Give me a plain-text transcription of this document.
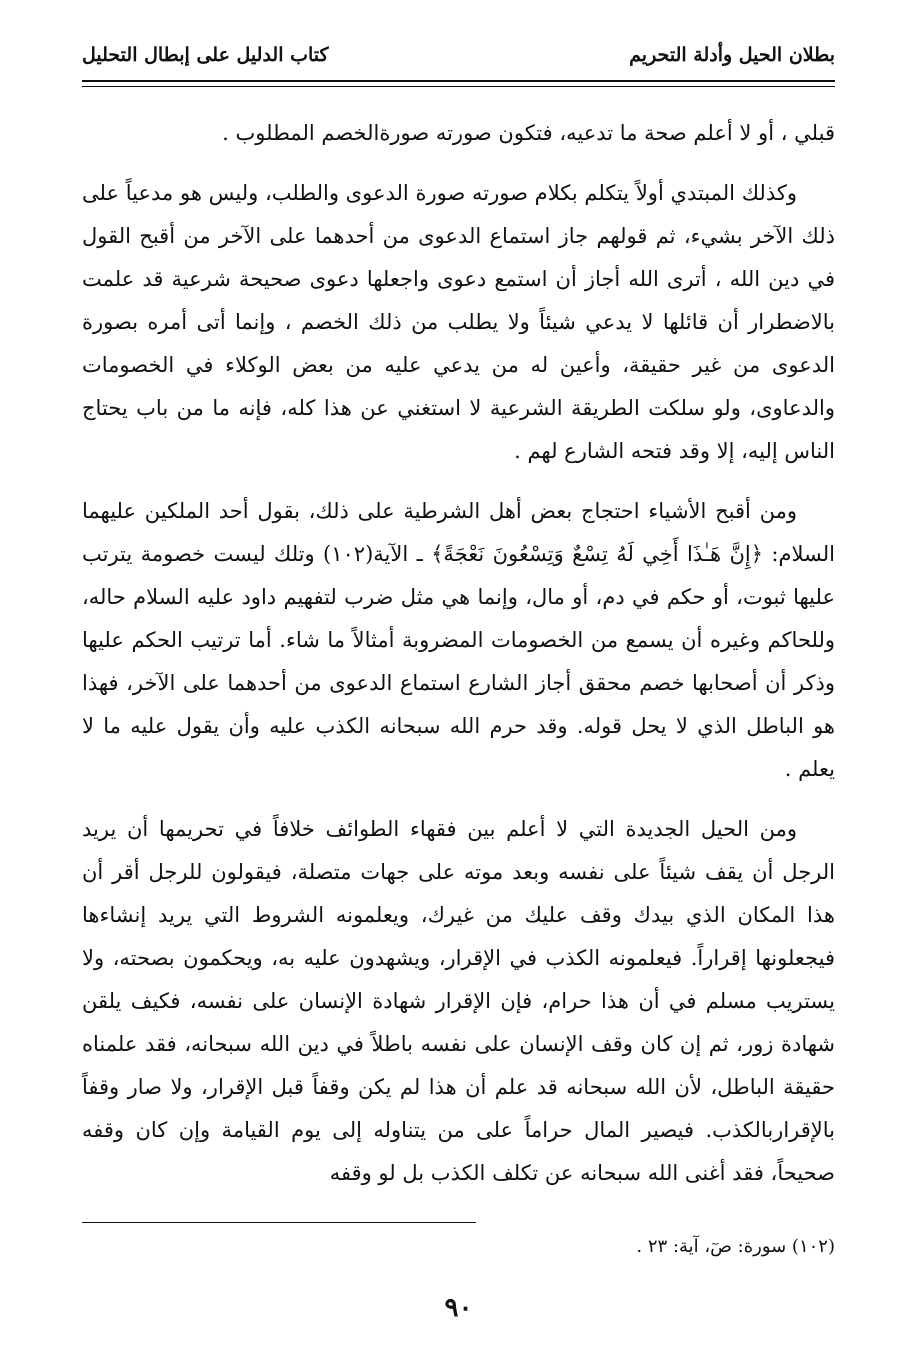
بطلان الحيل وأدلة التحريم
كتاب الدليل على إبطال التحليل

قبلي ، أو لا أعلم صحة ما تدعيه، فتكون صورته صورةالخصم المطلوب .

وكذلك المبتدي أولاً يتكلم بكلام صورته صورة الدعوى والطلب، وليس هو مدعياً على ذلك الآخر بشيء، ثم قولهم جاز استماع الدعوى من أحدهما على الآخر من أقبح القول في دين الله ، أترى الله أجاز أن استمع دعوى واجعلها دعوى صحيحة شرعية قد علمت بالاضطرار أن قائلها لا يدعي شيئاً ولا يطلب من ذلك الخصم ، وإنما أتى أمره بصورة الدعوى من غير حقيقة، وأعين له من يدعي عليه من بعض الوكلاء في الخصومات والدعاوى، ولو سلكت الطريقة الشرعية لا استغني عن هذا كله، فإنه ما من باب يحتاج الناس إليه، إلا وقد فتحه الشارع لهم .

ومن أقبح الأشياء احتجاج بعض أهل الشرطية على ذلك، بقول أحد الملكين عليهما السلام: ﴿إِنَّ هَـٰذَا أَخِي لَهُ تِسْعٌ وَتِسْعُونَ نَعْجَةً﴾ ـ الآية(١٠٢) وتلك ليست خصومة يترتب عليها ثبوت، أو حكم في دم، أو مال، وإنما هي مثل ضرب لتفهيم داود عليه السلام حاله، وللحاكم وغيره أن يسمع من الخصومات المضروبة أمثالاً ما شاء. أما ترتيب الحكم عليها وذكر أن أصحابها خصم محقق أجاز الشارع استماع الدعوى من أحدهما على الآخر، فهذا هو الباطل الذي لا يحل قوله. وقد حرم الله سبحانه الكذب عليه وأن يقول عليه ما لا يعلم .

ومن الحيل الجديدة التي لا أعلم بين فقهاء الطوائف خلافاً في تحريمها أن يريد الرجل أن يقف شيئاً على نفسه وبعد موته على جهات متصلة، فيقولون للرجل أقر أن هذا المكان الذي بيدك وقف عليك من غيرك، ويعلمونه الشروط التي يريد إنشاءها فيجعلونها إقراراً. فيعلمونه الكذب في الإقرار، ويشهدون عليه به، ويحكمون بصحته، ولا يستريب مسلم في أن هذا حرام، فإن الإقرار شهادة الإنسان على نفسه، فكيف يلقن شهادة زور، ثم إن كان وقف الإنسان على نفسه باطلاً في دين الله سبحانه، فقد علمناه حقيقة الباطل، لأن الله سبحانه قد علم أن هذا لم يكن وقفاً قبل الإقرار، ولا صار وقفاً بالإقراربالكذب. فيصير المال حراماً على من يتناوله إلى يوم القيامة وإن كان وقفه صحيحاً، فقد أغنى الله سبحانه عن تكلف الكذب بل لو وقفه

(١٠٢) سورة: صٓ، آية: ٢٣ .
٩٠
